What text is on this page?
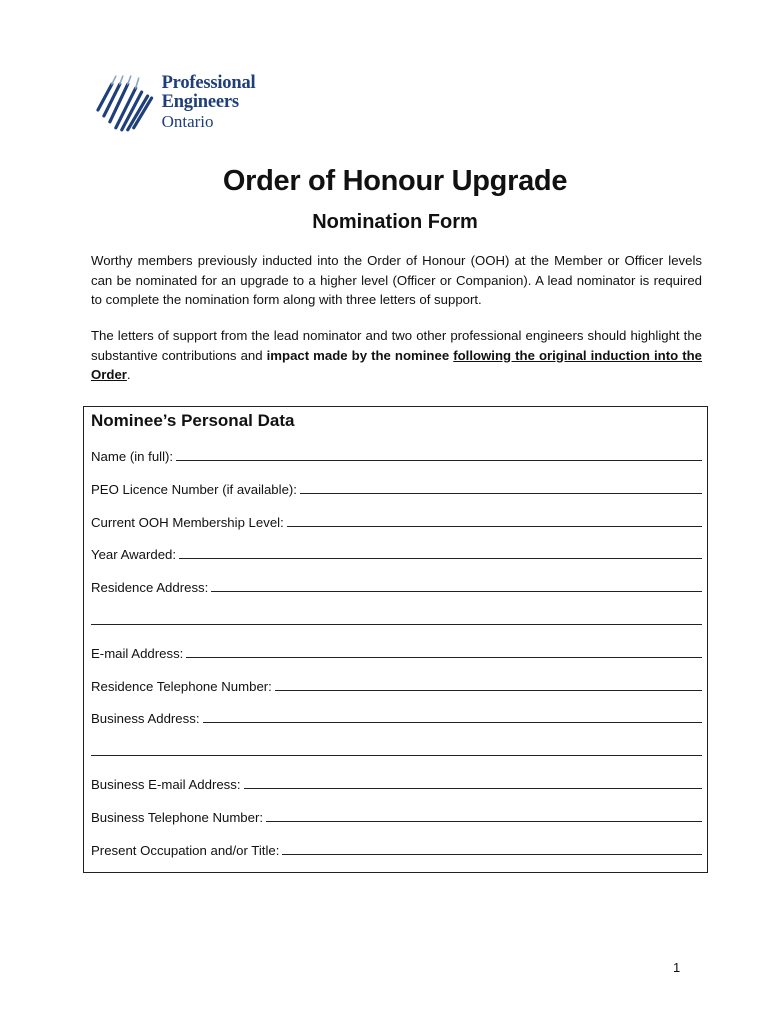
Professional Engineers
Ontario
Order of Honour Upgrade
Nomination Form

Worthy members previously inducted into the Order of Honour (OOH) at the Member or Officer levels can be nominated for an upgrade to a higher level (Officer or Companion). A lead nominator is required to complete the nomination form along with three letters of support.

The letters of support from the lead nominator and two other professional engineers should highlight the substantive contributions and impact made by the nominee following the original induction into the Order.

Nominee’s Personal Data
Name (in full):
PEO Licence Number (if available):
Current OOH Membership Level:
Year Awarded:
Residence Address:
E-mail Address:
Residence Telephone Number:
Business Address:
Business E-mail Address:
Business Telephone Number:
Present Occupation and/or Title:
1
